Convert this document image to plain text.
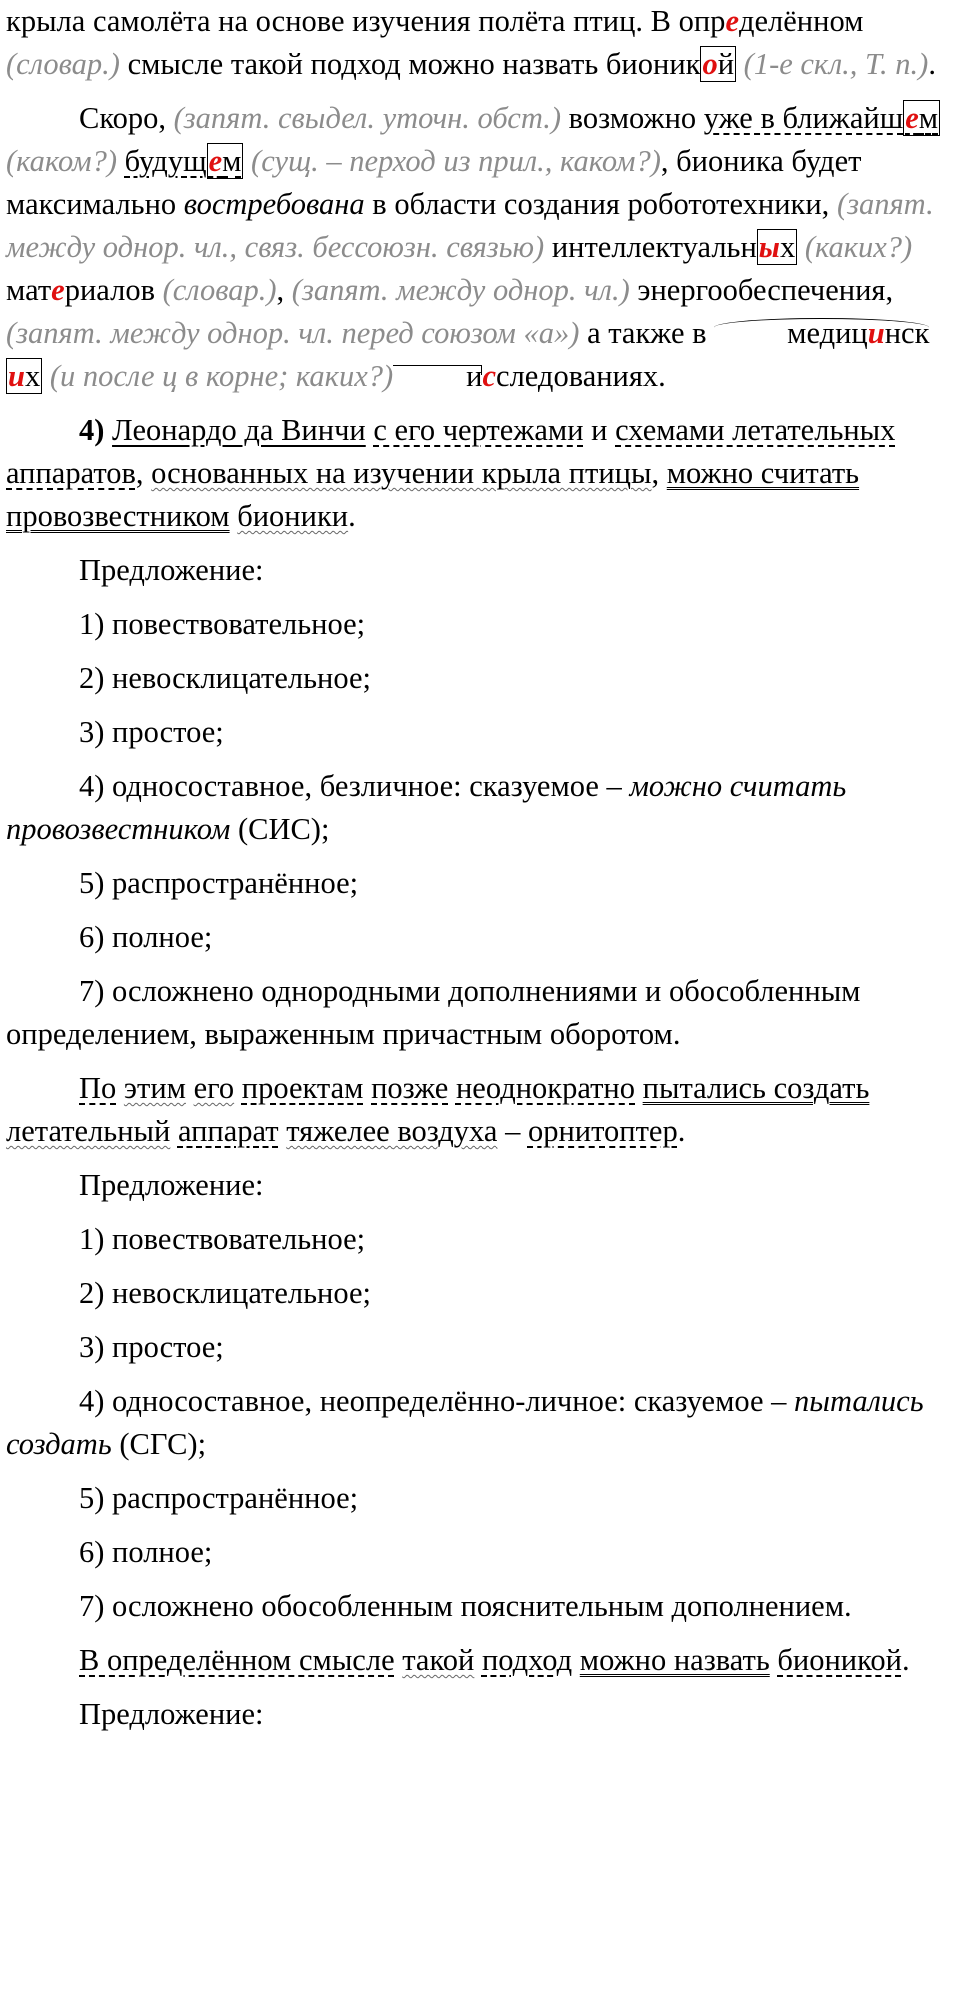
крыла самолёта на основе изучения полёта птиц. В определённом (словар.) смысле такой подход можно назвать бионикой (1-е скл., Т. п.).

Скоро, (запят. свыдел. уточн. обст.) возможно уже в ближайшем (каком?) будущем (сущ. – перход из прил., каком?), бионика будет максимально востребована в области создания робототехники, (запят. между однор. чл., связ. бессоюзн. связью) интеллектуальных (каких?) материалов (словар.), (запят. между однор. чл.) энергообеспечения, (запят. между однор. чл. перед союзом «а») а также в медицинских (и после ц в корне; каких?) исследованиях.

4) Леонардо да Винчи с его чертежами и схемами летательных аппаратов, основанных на изучении крыла птицы, можно считать провозвестником бионики.

Предложение:

1) повествовательное;

2) невосклицательное;

3) простое;

4) односоставное, безличное: сказуемое – можно считать провозвестником (СИС);

5) распространённое;

6) полное;

7) осложнено однородными дополнениями и обособленным определением, выраженным причастным оборотом.

По этим его проектам позже неоднократно пытались создать летательный аппарат тяжелее воздуха – орнитоптер.

Предложение:

1) повествовательное;

2) невосклицательное;

3) простое;

4) односоставное, неопределённо-личное: сказуемое – пытались создать (СГС);

5) распространённое;

6) полное;

7) осложнено обособленным пояснительным дополнением.

В определённом смысле такой подход можно назвать бионикой.

Предложение:
